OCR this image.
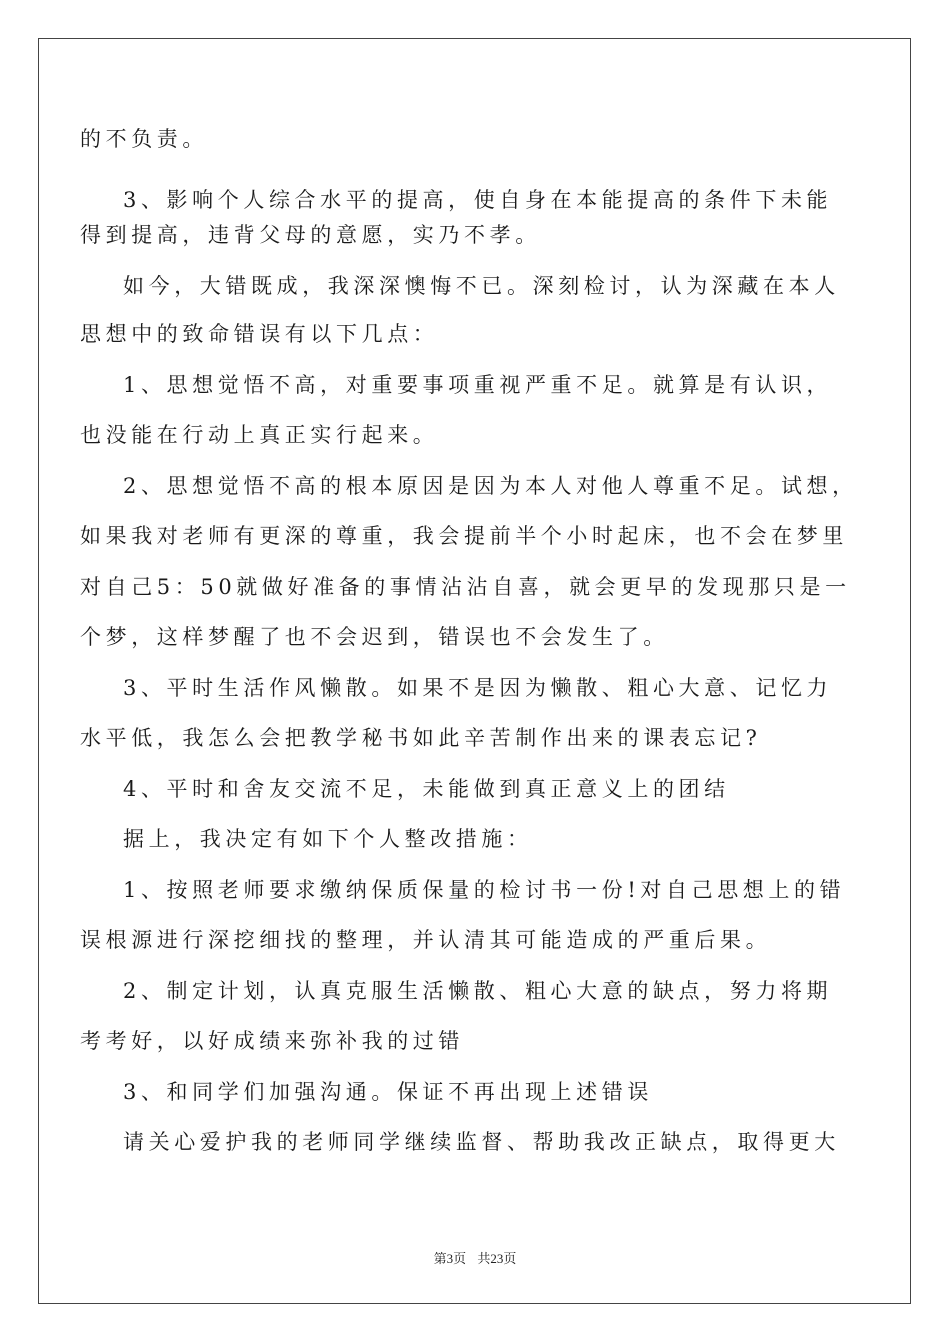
的不负责。
3、影响个人综合水平的提高，使自身在本能提高的条件下未能
得到提高，违背父母的意愿，实乃不孝。
如今，大错既成，我深深懊悔不已。深刻检讨，认为深藏在本人
思想中的致命错误有以下几点：
1、思想觉悟不高，对重要事项重视严重不足。就算是有认识，
也没能在行动上真正实行起来。
2、思想觉悟不高的根本原因是因为本人对他人尊重不足。试想，
如果我对老师有更深的尊重，我会提前半个小时起床，也不会在梦里
对自己5：50就做好准备的事情沾沾自喜，就会更早的发现那只是一
个梦，这样梦醒了也不会迟到，错误也不会发生了。
3、平时生活作风懒散。如果不是因为懒散、粗心大意、记忆力
水平低，我怎么会把教学秘书如此辛苦制作出来的课表忘记?
4、平时和舍友交流不足，未能做到真正意义上的团结
据上，我决定有如下个人整改措施：
1、按照老师要求缴纳保质保量的检讨书一份!对自己思想上的错
误根源进行深挖细找的整理，并认清其可能造成的严重后果。
2、制定计划，认真克服生活懒散、粗心大意的缺点，努力将期
考考好，以好成绩来弥补我的过错
3、和同学们加强沟通。保证不再出现上述错误
请关心爱护我的老师同学继续监督、帮助我改正缺点，取得更大
第3页 共23页
